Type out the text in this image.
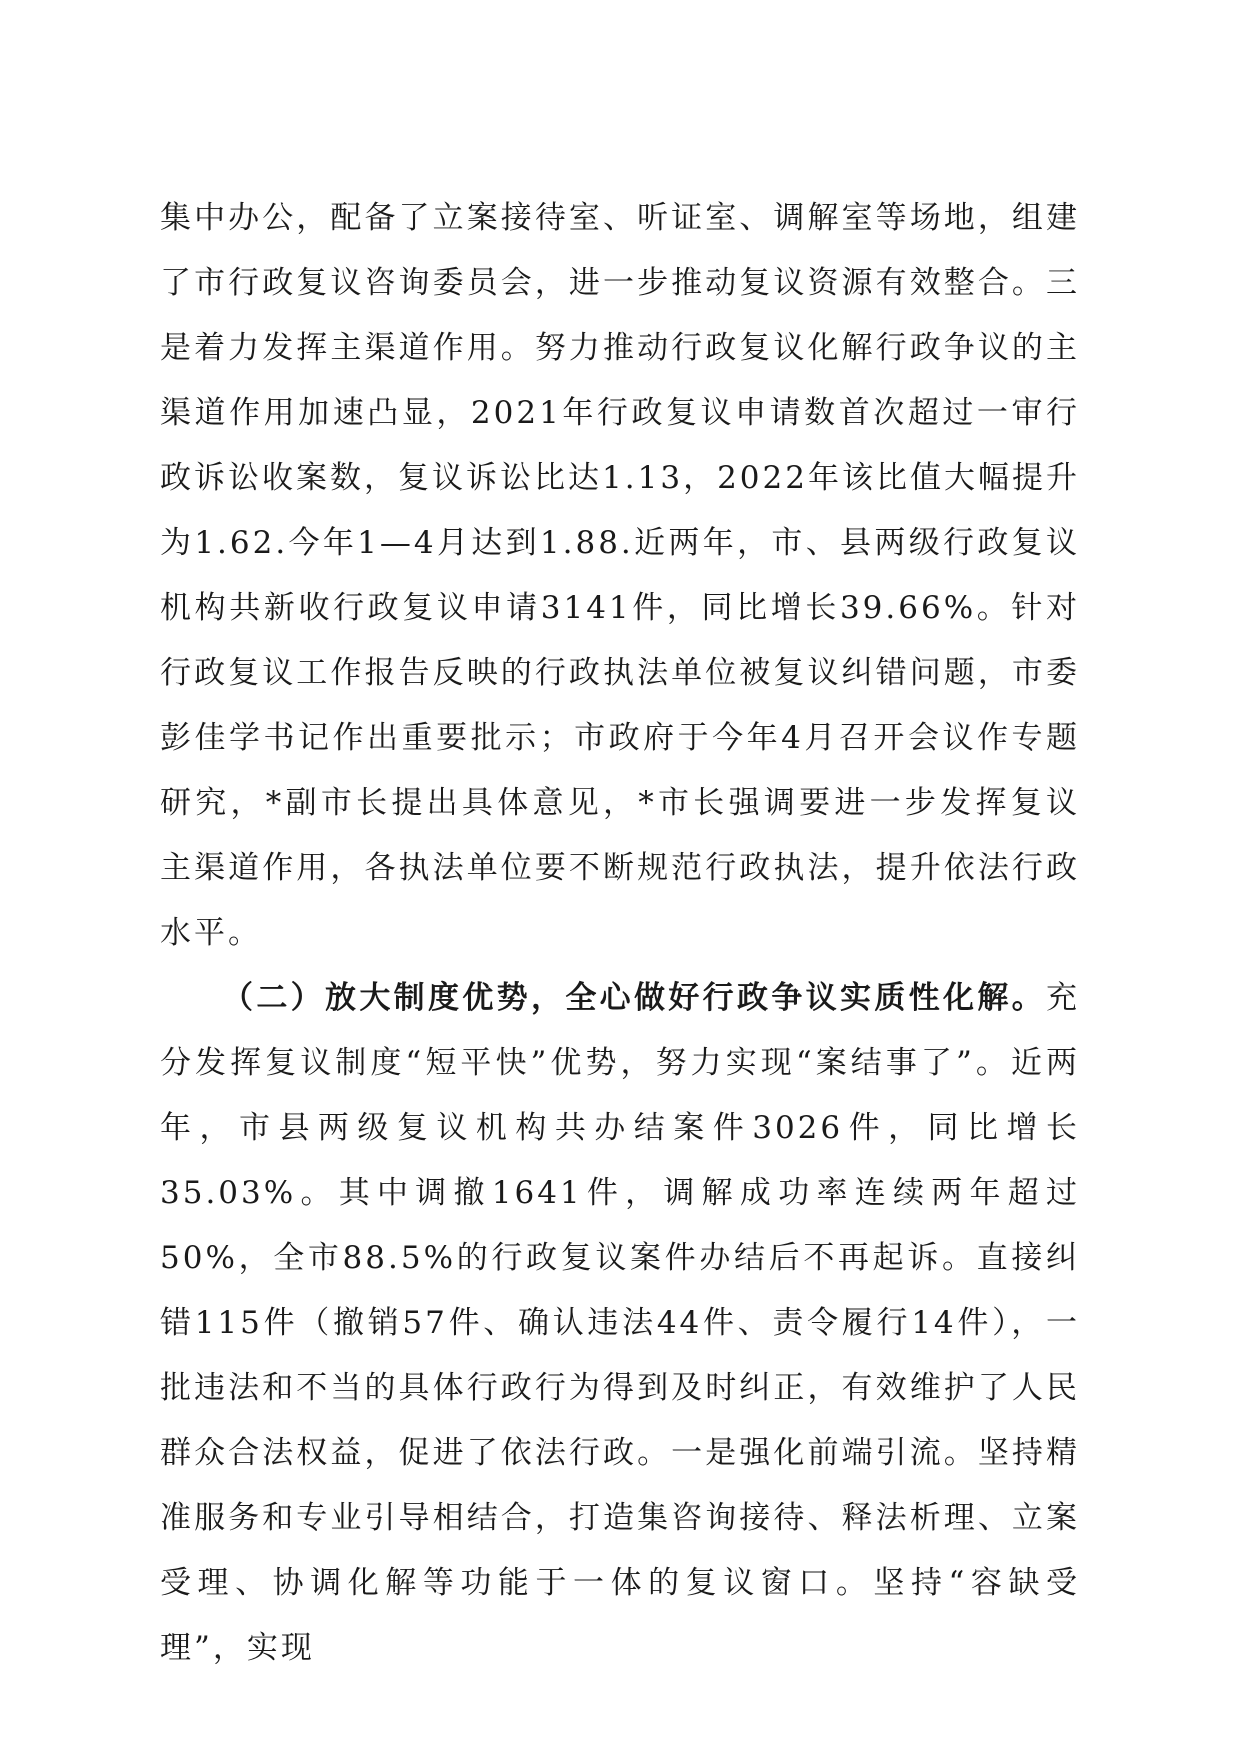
集中办公，配备了立案接待室、听证室、调解室等场地，组建了市行政复议咨询委员会，进一步推动复议资源有效整合。三是着力发挥主渠道作用。努力推动行政复议化解行政争议的主渠道作用加速凸显，2021年行政复议申请数首次超过一审行政诉讼收案数，复议诉讼比达1.13，2022年该比值大幅提升为1.62.今年1—4月达到1.88.近两年，市、县两级行政复议机构共新收行政复议申请3141件，同比增长39.66%。针对行政复议工作报告反映的行政执法单位被复议纠错问题，市委彭佳学书记作出重要批示；市政府于今年4月召开会议作专题研究，*副市长提出具体意见，*市长强调要进一步发挥复议主渠道作用，各执法单位要不断规范行政执法，提升依法行政水平。

（二）放大制度优势，全心做好行政争议实质性化解。充分发挥复议制度“短平快”优势，努力实现“案结事了”。近两年，市县两级复议机构共办结案件3026件，同比增长35.03%。其中调撤1641件，调解成功率连续两年超过50%，全市88.5%的行政复议案件办结后不再起诉。直接纠错115件（撤销57件、确认违法44件、责令履行14件），一批违法和不当的具体行政行为得到及时纠正，有效维护了人民群众合法权益，促进了依法行政。一是强化前端引流。坚持精准服务和专业引导相结合，打造集咨询接待、释法析理、立案受理、协调化解等功能于一体的复议窗口。坚持“容缺受理”，实现
